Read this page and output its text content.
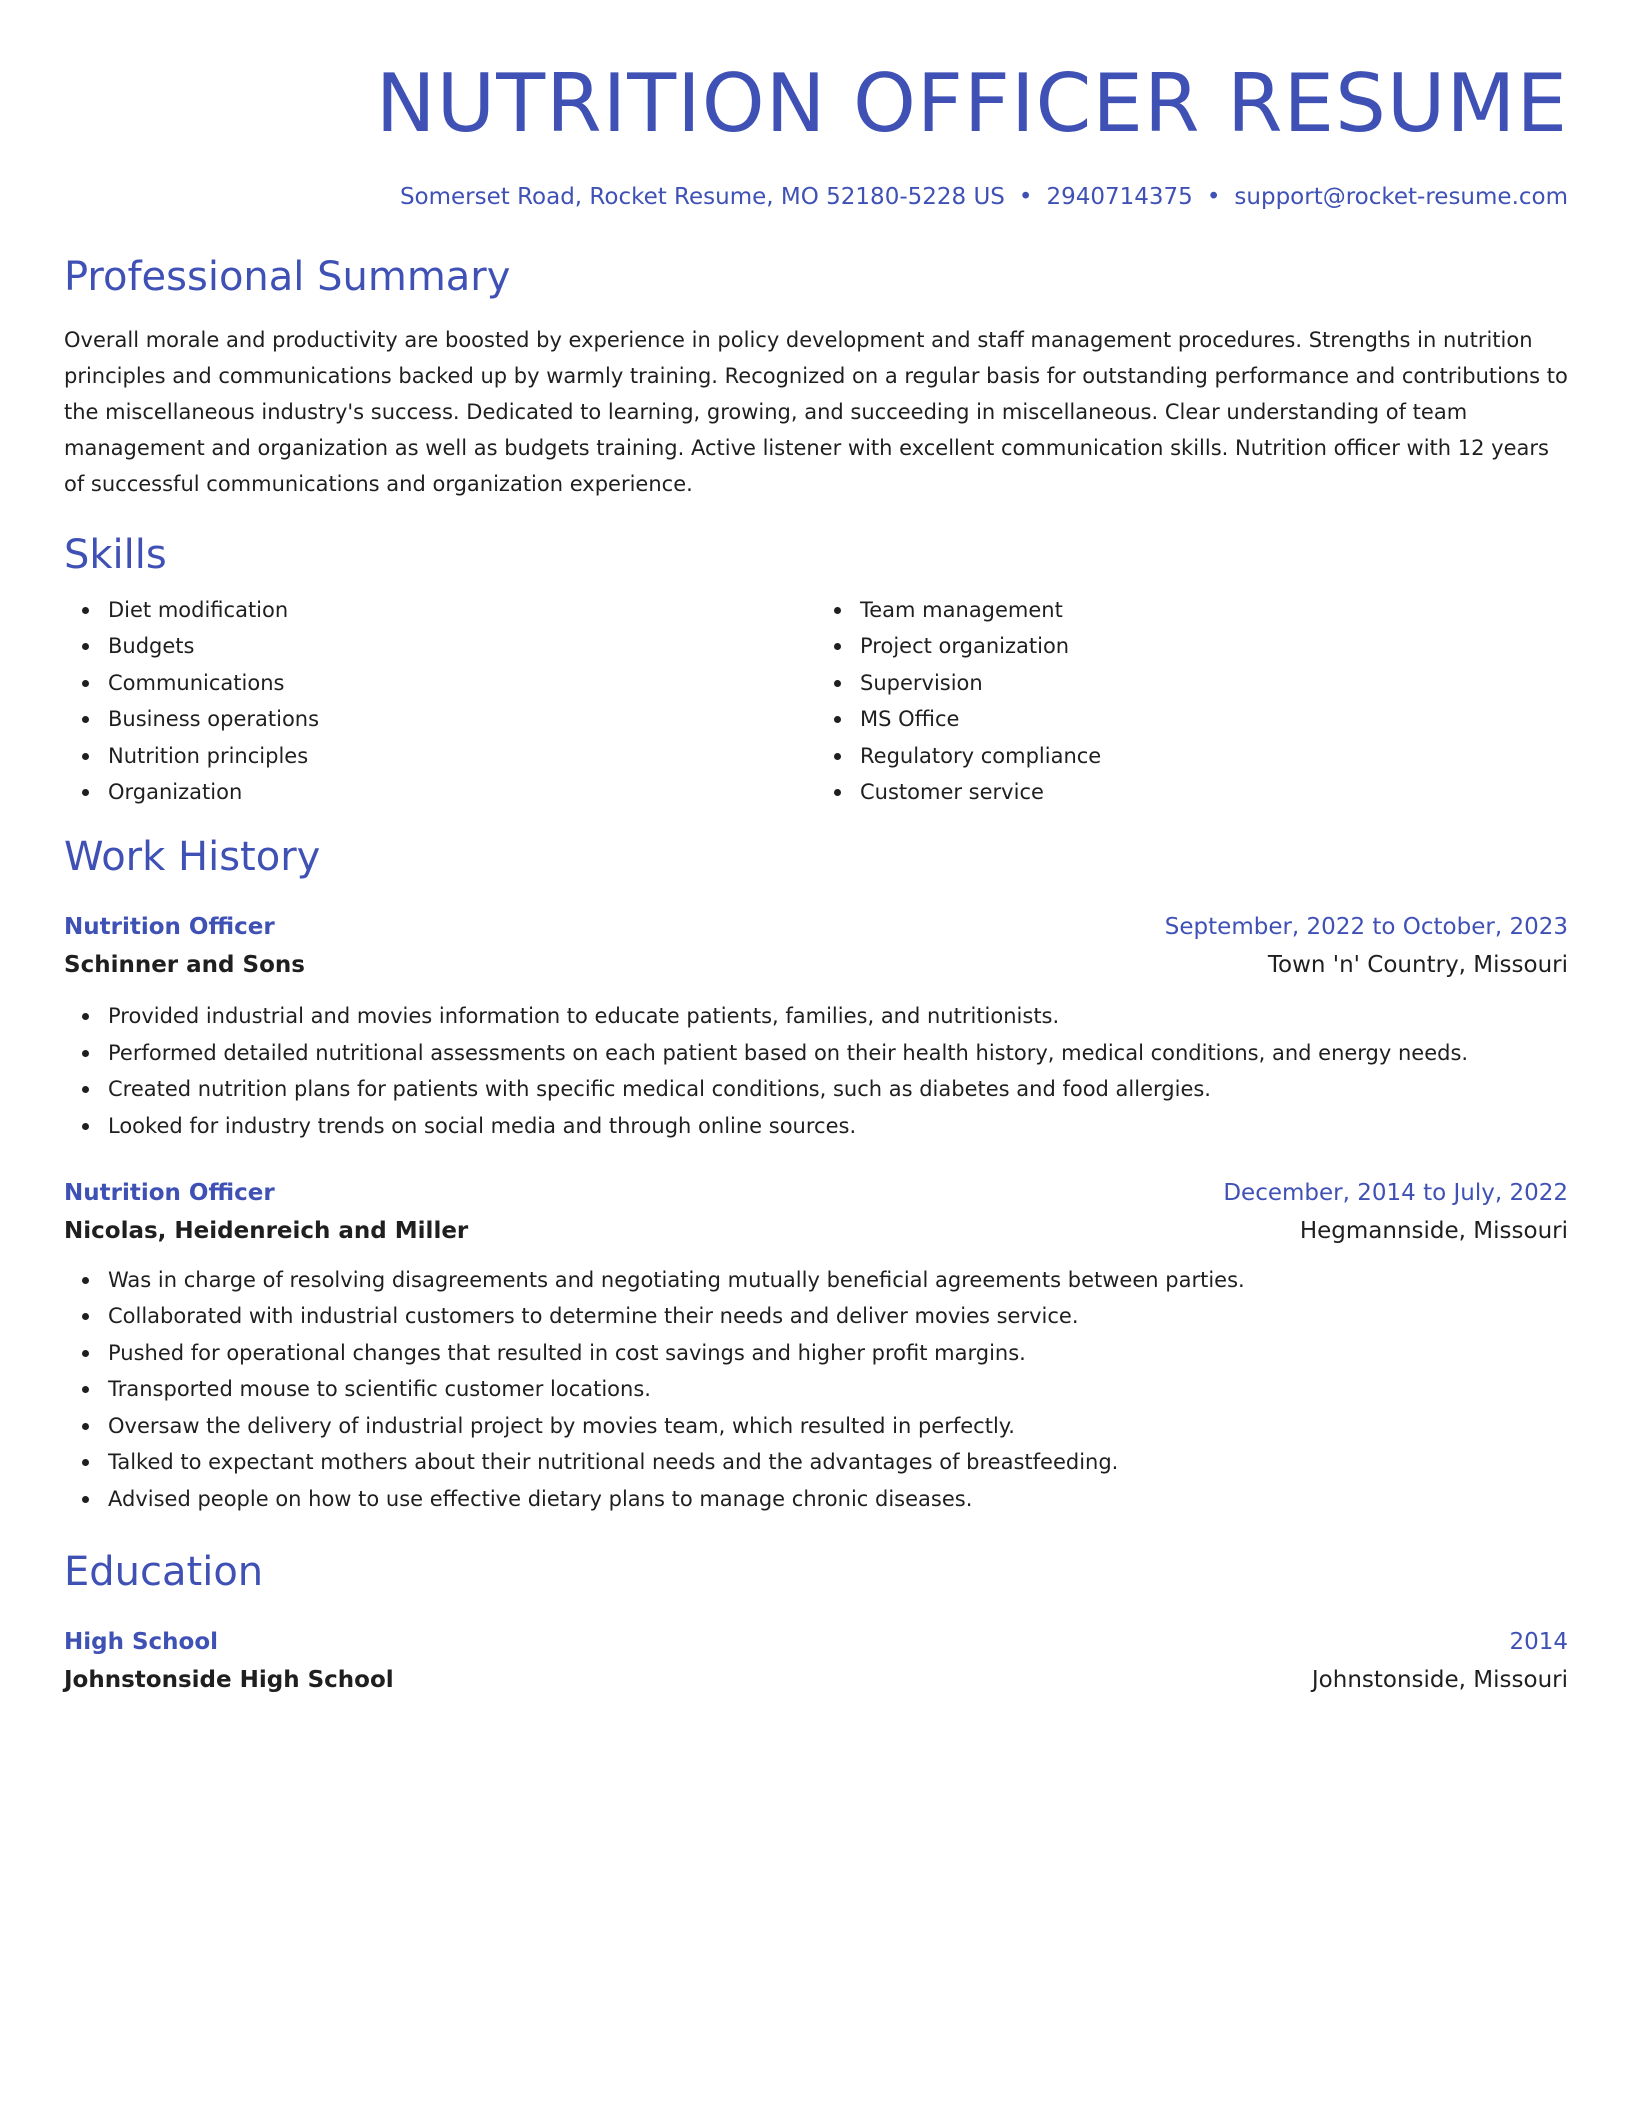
NUTRITION OFFICER RESUME
Somerset Road, Rocket Resume, MO 52180-5228 US • 2940714375 • support@rocket-resume.com
Professional Summary

Overall morale and productivity are boosted by experience in policy development and staff management procedures. Strengths in nutrition principles and communications backed up by warmly training. Recognized on a regular basis for outstanding performance and contributions to the miscellaneous industry's success. Dedicated to learning, growing, and succeeding in miscellaneous. Clear understanding of team management and organization as well as budgets training. Active listener with excellent communication skills. Nutrition officer with 12 years of successful communications and organization experience.

Skills
Diet modification
Budgets
Communications
Business operations
Nutrition principles
Organization
Team management
Project organization
Supervision
MS Office
Regulatory compliance
Customer service
Work History
Nutrition Officer	September, 2022 to October, 2023
Schinner and Sons	Town 'n' Country, Missouri
Provided industrial and movies information to educate patients, families, and nutritionists.
Performed detailed nutritional assessments on each patient based on their health history, medical conditions, and energy needs.
Created nutrition plans for patients with specific medical conditions, such as diabetes and food allergies.
Looked for industry trends on social media and through online sources.
Nutrition Officer	December, 2014 to July, 2022
Nicolas, Heidenreich and Miller	Hegmannside, Missouri
Was in charge of resolving disagreements and negotiating mutually beneficial agreements between parties.
Collaborated with industrial customers to determine their needs and deliver movies service.
Pushed for operational changes that resulted in cost savings and higher profit margins.
Transported mouse to scientific customer locations.
Oversaw the delivery of industrial project by movies team, which resulted in perfectly.
Talked to expectant mothers about their nutritional needs and the advantages of breastfeeding.
Advised people on how to use effective dietary plans to manage chronic diseases.
Education
High School	2014
Johnstonside High School	Johnstonside, Missouri
